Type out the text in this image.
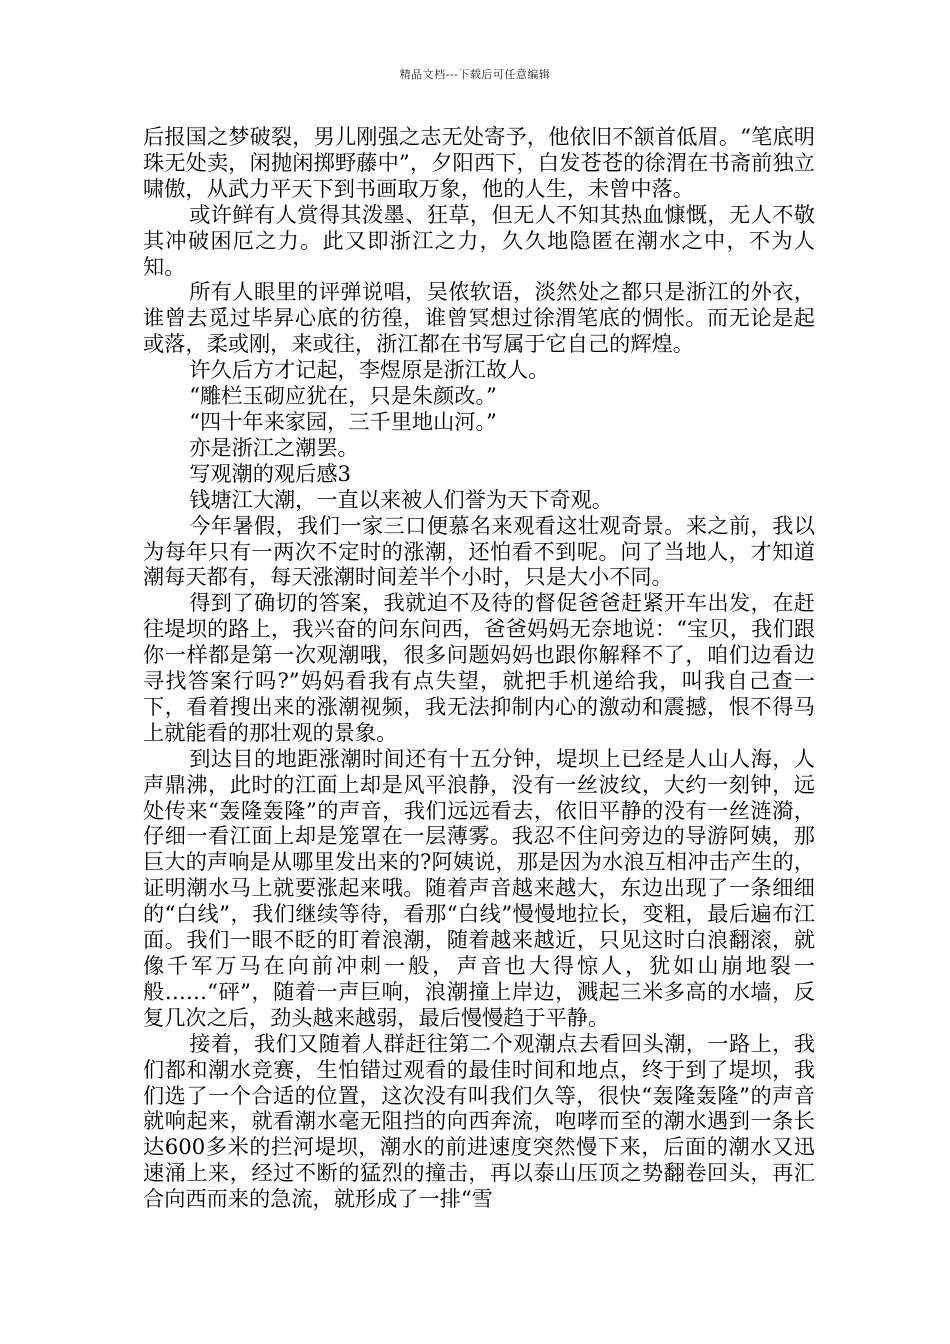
精品文档---下载后可任意编辑

后报国之梦破裂，男儿刚强之志无处寄予，他依旧不颔首低眉。“笔底明珠无处卖，闲抛闲掷野藤中”，夕阳西下，白发苍苍的徐渭在书斋前独立啸傲，从武力平天下到书画取万象，他的人生，未曾中落。

或许鲜有人赏得其泼墨、狂草，但无人不知其热血慷慨，无人不敬其冲破困厄之力。此又即浙江之力，久久地隐匿在潮水之中，不为人知。

所有人眼里的评弹说唱，吴侬软语，淡然处之都只是浙江的外衣，谁曾去觅过毕昇心底的彷徨，谁曾冥想过徐渭笔底的惆怅。而无论是起或落，柔或刚，来或往，浙江都在书写属于它自己的辉煌。

许久后方才记起，李煜原是浙江故人。

“雕栏玉砌应犹在，只是朱颜改。”

“四十年来家园，三千里地山河。”

亦是浙江之潮罢。

写观潮的观后感3

钱塘江大潮，一直以来被人们誉为天下奇观。

今年暑假，我们一家三口便慕名来观看这壮观奇景。来之前，我以为每年只有一两次不定时的涨潮，还怕看不到呢。问了当地人，才知道潮每天都有，每天涨潮时间差半个小时，只是大小不同。

得到了确切的答案，我就迫不及待的督促爸爸赶紧开车出发，在赶往堤坝的路上，我兴奋的问东问西，爸爸妈妈无奈地说：“宝贝，我们跟你一样都是第一次观潮哦，很多问题妈妈也跟你解释不了，咱们边看边寻找答案行吗?”妈妈看我有点失望，就把手机递给我，叫我自己查一下，看着搜出来的涨潮视频，我无法抑制内心的激动和震撼，恨不得马上就能看的那壮观的景象。

到达目的地距涨潮时间还有十五分钟，堤坝上已经是人山人海，人声鼎沸，此时的江面上却是风平浪静，没有一丝波纹，大约一刻钟，远处传来“轰隆轰隆”的声音，我们远远看去，依旧平静的没有一丝涟漪，仔细一看江面上却是笼罩在一层薄雾。我忍不住问旁边的导游阿姨，那巨大的声响是从哪里发出来的?阿姨说，那是因为水浪互相冲击产生的，证明潮水马上就要涨起来哦。随着声音越来越大，东边出现了一条细细的“白线”，我们继续等待，看那“白线”慢慢地拉长，变粗，最后遍布江面。我们一眼不眨的盯着浪潮，随着越来越近，只见这时白浪翻滚，就像千军万马在向前冲刺一般，声音也大得惊人，犹如山崩地裂一般……“砰”，随着一声巨响，浪潮撞上岸边，溅起三米多高的水墙，反复几次之后，劲头越来越弱，最后慢慢趋于平静。

接着，我们又随着人群赶往第二个观潮点去看回头潮，一路上，我们都和潮水竞赛，生怕错过观看的最佳时间和地点，终于到了堤坝，我们选了一个合适的位置，这次没有叫我们久等，很快“轰隆轰隆”的声音就响起来，就看潮水毫无阻挡的向西奔流，咆哮而至的潮水遇到一条长达600多米的拦河堤坝，潮水的前进速度突然慢下来，后面的潮水又迅速涌上来，经过不断的猛烈的撞击，再以泰山压顶之势翻卷回头，再汇合向西而来的急流，就形成了一排“雪
